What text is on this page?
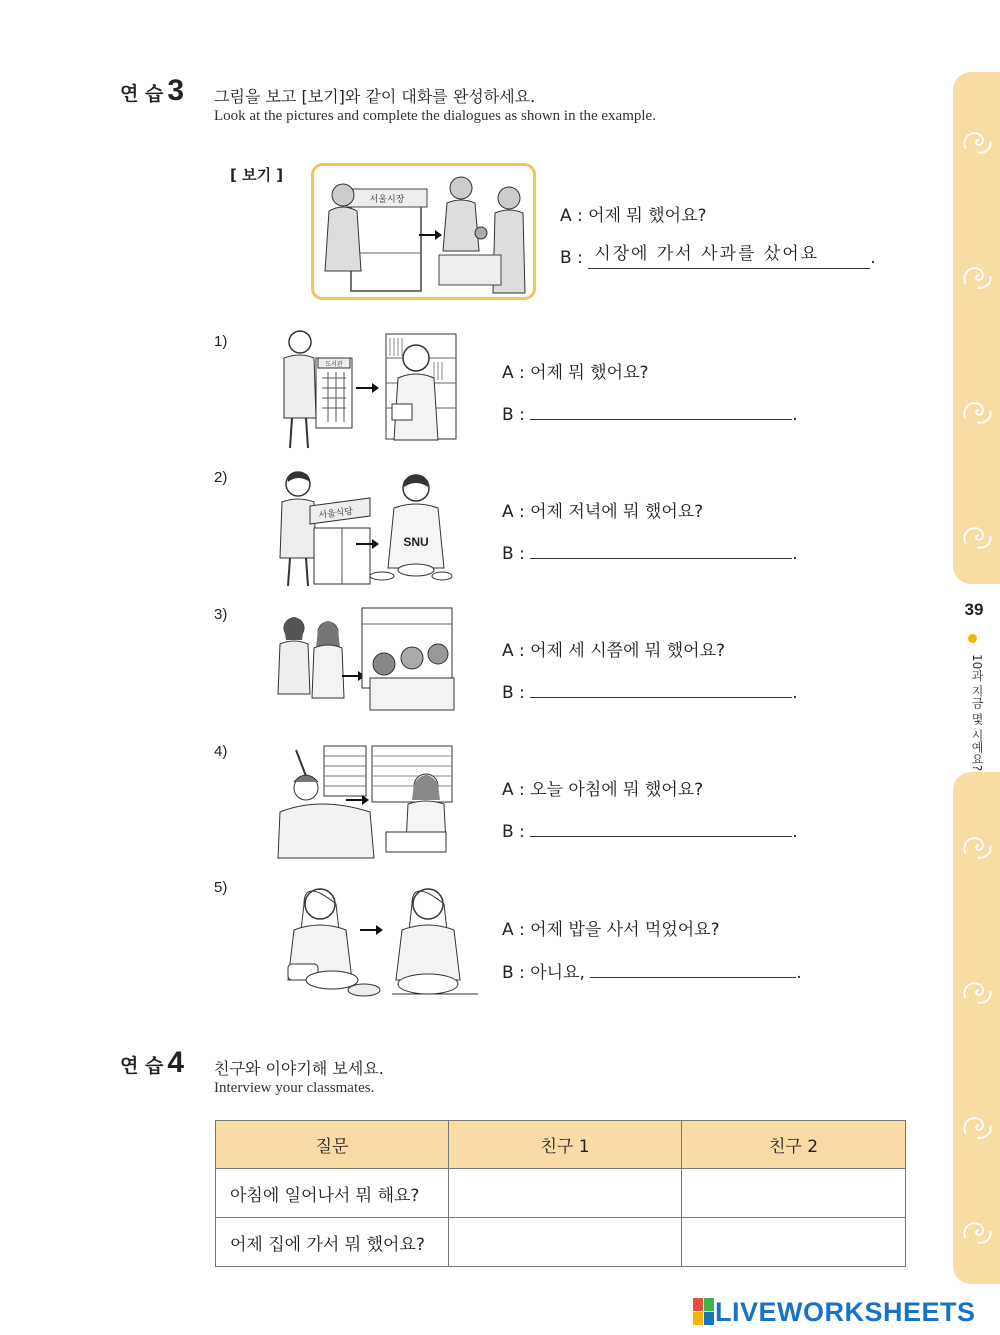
39
10과 지금 몇 시예요?
연 습 3 그림을 보고 [보기]와 같이 대화를 완성하세요.
Look at the pictures and complete the dialogues as shown in the example.
[ 보기 ]
서울시장
A : 어제 뭐 했어요?
B : 시장에 가서 사과를 샀어요	.
1)
도서관	A : 어제 뭐 했어요?
B :	.
2)
서울식당
SNU
A : 어제 저녁에 뭐 했어요?
B :	.
3)
A : 어제 세 시쯤에 뭐 했어요?
B :	.
4)
A : 오늘 아침에 뭐 했어요?
B :	.
5)
A : 어제 밥을 사서 먹었어요?
B : 아니요,	.
연 습 4 친구와 이야기해 보세요.
Interview your classmates.
질문	친구 1	친구 2
아침에 일어나서 뭐 해요?		
어제 집에 가서 뭐 했어요?		
LIVEWORKSHEETS
